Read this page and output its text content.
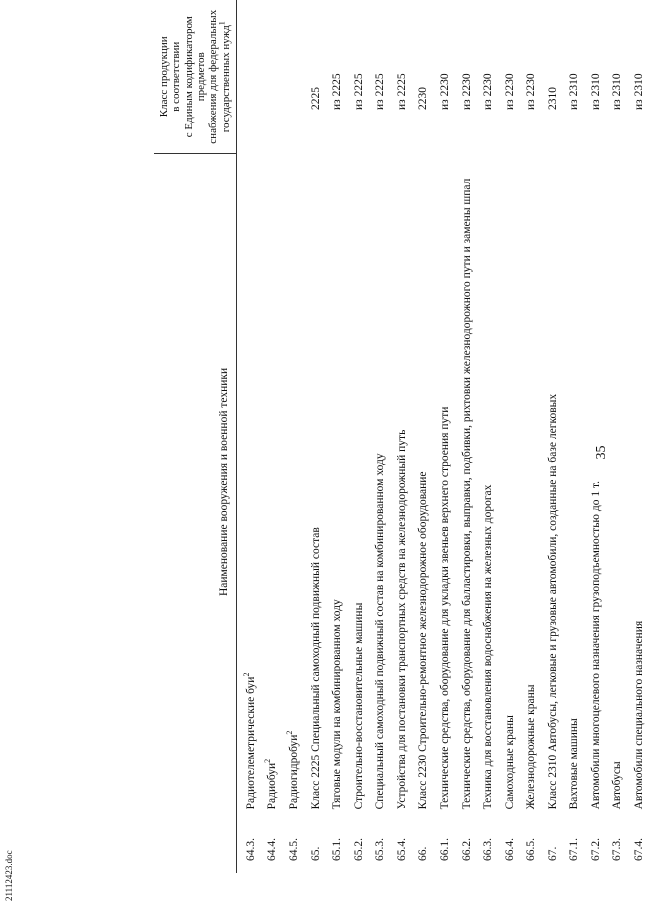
21112423.doc
	Наименование вооружения и военной техники	Класс продукции в соответствии с Единым кодификатором предметов снабжения для федеральных государственных нужд$^1$

64.3.	Радиотелеметрические буи$^2$	
64.4.	Радиобуи$^2$	
64.5.	Радиогидробуи$^2$	
65.	Класс 2225 Специальный самоходный подвижный состав	2225
65.1.	Тяговые модули на комбинированном ходу	из 2225
65.2.	Строительно-восстановительные машины	из 2225
65.3.	Специальный самоходный подвижный состав на комбинированном ходу	из 2225
65.4.	Устройства для постановки транспортных средств на железнодорожный путь	из 2225
66.	Класс 2230 Строительно-ремонтное железнодорожное оборудование	2230
66.1.	Технические средства, оборудование для укладки звеньев верхнего строения пути	из 2230
66.2.	Технические средства, оборудование для балластировки, выправки, подбивки, рихтовки железнодорожного пути и замены шпал	из 2230
66.3.	Техника для восстановления водоснабжения на железных дорогах	из 2230
66.4.	Самоходные краны	из 2230
66.5.	Железнодорожные краны	из 2230
67.	Класс 2310 Автобусы, легковые и грузовые автомобили, созданные на базе легковых	2310
67.1.	Вахтовые машины	из 2310
67.2.	Автомобили многоцелевого назначения грузоподъемностью до 1 т.	из 2310
67.3.	Автобусы	из 2310
67.4.	Автомобили специального назначения	из 2310
35
